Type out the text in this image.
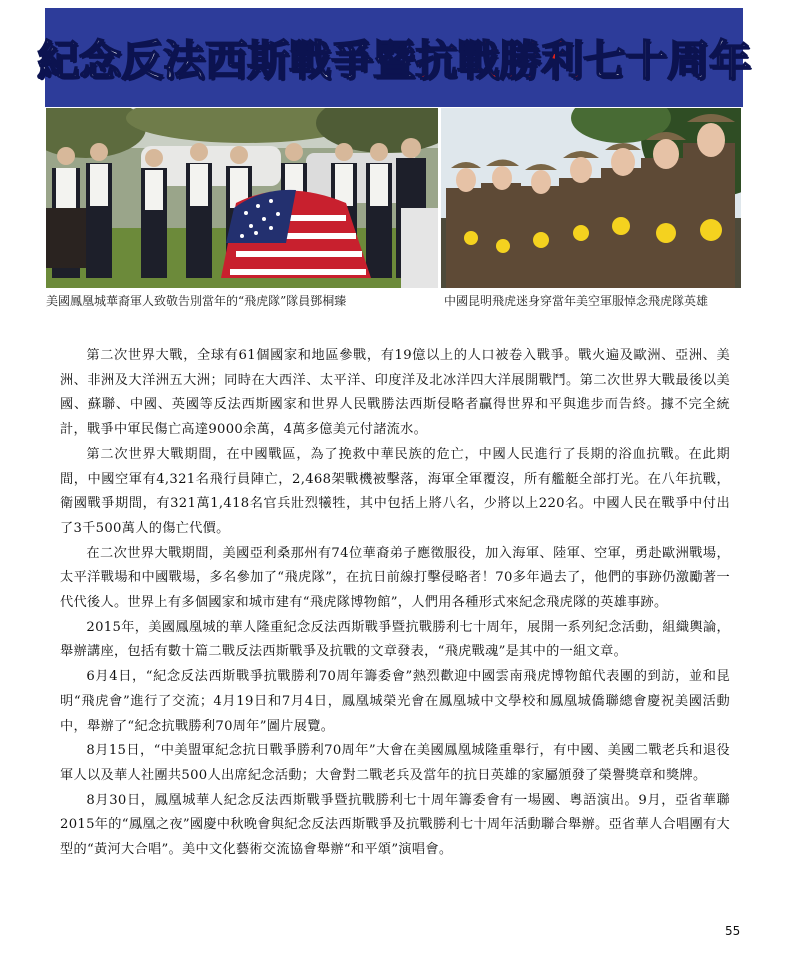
紀念反法西斯戰爭暨抗戰勝利七十周年
美國鳳凰城華裔軍人致敬告別當年的“飛虎隊”隊員鄧桐臻	中國昆明飛虎迷身穿當年美空軍服悼念飛虎隊英雄

第二次世界大戰，全球有61個國家和地區參戰，有19億以上的人口被卷入戰爭。戰火遍及歐洲、亞洲、美洲、非洲及大洋洲五大洲；同時在大西洋、太平洋、印度洋及北冰洋四大洋展開戰鬥。第二次世界大戰最後以美國、蘇聯、中國、英國等反法西斯國家和世界人民戰勝法西斯侵略者贏得世界和平與進步而告終。據不完全統計，戰爭中軍民傷亡高達9000余萬，4萬多億美元付諸流水。

第二次世界大戰期間，在中國戰區，為了挽救中華民族的危亡，中國人民進行了長期的浴血抗戰。在此期間，中國空軍有4,321名飛行員陣亡，2,468架戰機被擊落，海軍全軍覆沒，所有艦艇全部打光。在八年抗戰，衛國戰爭期間，有321萬1,418名官兵壯烈犧牲，其中包括上將八名，少將以上220名。中國人民在戰爭中付出了3千500萬人的傷亡代價。

在二次世界大戰期間，美國亞利桑那州有74位華裔弟子應徵服役，加入海軍、陸軍、空軍，勇赴歐洲戰場，太平洋戰場和中國戰場，多名參加了“飛虎隊”，在抗日前線打擊侵略者！70多年過去了，他們的事跡仍激勵著一代代後人。世界上有多個國家和城市建有“飛虎隊博物館”，人們用各種形式來紀念飛虎隊的英雄事跡。

2015年，美國鳳凰城的華人隆重紀念反法西斯戰爭暨抗戰勝利七十周年，展開一系列紀念活動，組織輿論，舉辦講座，包括有數十篇二戰反法西斯戰爭及抗戰的文章發表，“飛虎戰魂”是其中的一組文章。

6月4日，“紀念反法西斯戰爭抗戰勝利70周年籌委會”熱烈歡迎中國雲南飛虎博物館代表團的到訪，並和昆明“飛虎會”進行了交流；4月19日和7月4日，鳳凰城榮光會在鳳凰城中文學校和鳳凰城僑聯總會慶祝美國活動中，舉辦了“紀念抗戰勝利70周年”圖片展覽。

8月15日，“中美盟軍紀念抗日戰爭勝利70周年”大會在美國鳳凰城隆重舉行，有中國、美國二戰老兵和退役軍人以及華人社團共500人出席紀念活動；大會對二戰老兵及當年的抗日英雄的家屬頒發了榮譽獎章和獎牌。

8月30日，鳳凰城華人紀念反法西斯戰爭暨抗戰勝利七十周年籌委會有一場國、粵語演出。9月，亞省華聯2015年的“鳳凰之夜”國慶中秋晚會與紀念反法西斯戰爭及抗戰勝利七十周年活動聯合舉辦。亞省華人合唱團有大型的“黃河大合唱”。美中文化藝術交流協會舉辦“和平頌”演唱會。

55
